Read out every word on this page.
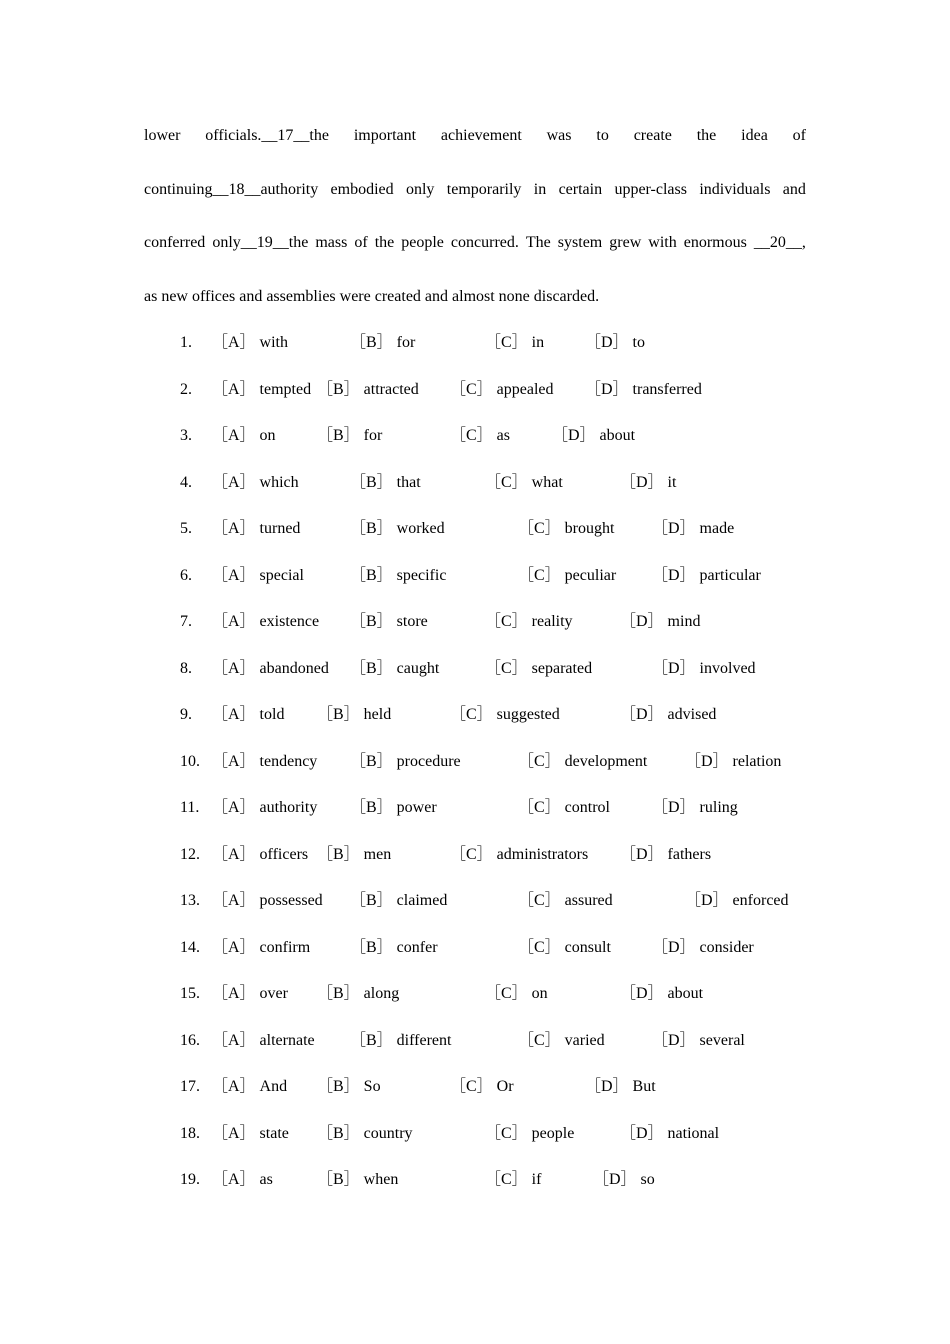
lower officials.__17__the important achievement was to create the idea of
continuing__18__authority embodied only temporarily in certain upper-class individuals and
conferred only__19__the mass of the people concurred. The system grew with enormous __20__,
as new offices and assemblies were created and almost none discarded.
1. ［A］ with	［B］ for	［C］ in	［D］ to
2. ［A］ tempted ［B］ attracted ［C］ appealed ［D］ transferred
3. ［A］ on	［B］ for	［C］ as	［D］ about
4. ［A］ which	［B］ that	［C］ what	［D］ it
5. ［A］ turned	［B］ worked	［C］ brought ［D］ made
6. ［A］ special	［B］ specific	［C］ peculiar ［D］ particular
7. ［A］ existence ［B］ store	［C］ reality	［D］ mind
8. ［A］ abandoned ［B］ caught	［C］ separated	［D］ involved
9. ［A］ told ［B］ held	［C］ suggested	［D］ advised
10. ［A］ tendency ［B］ procedure	［C］ development ［D］ relation
11. ［A］ authority ［B］ power	［C］ control	［D］ ruling
12. ［A］ officers ［B］ men	［C］ administrators ［D］ fathers
13. ［A］ possessed ［B］ claimed	［C］ assured	［D］ enforced
14. ［A］ confirm ［B］ confer	［C］ consult	［D］ consider
15. ［A］ over ［B］ along	［C］ on	［D］ about
16. ［A］ alternate ［B］ different	［C］ varied	［D］ several
17. ［A］ And ［B］ So	［C］ Or	［D］ But
18. ［A］ state ［B］ country	［C］ people	［D］ national
19. ［A］ as	［B］ when	［C］ if	［D］ so
